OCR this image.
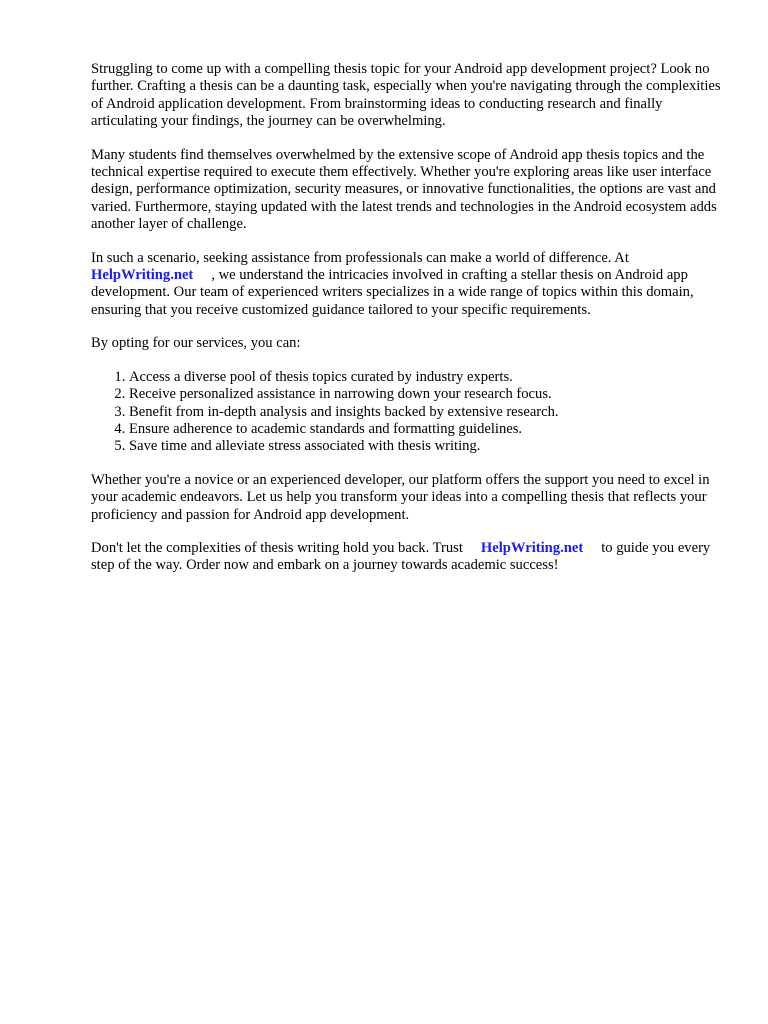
Struggling to come up with a compelling thesis topic for your Android app development project? Look no further. Crafting a thesis can be a daunting task, especially when you're navigating through the complexities of Android application development. From brainstorming ideas to conducting research and finally articulating your findings, the journey can be overwhelming.

Many students find themselves overwhelmed by the extensive scope of Android app thesis topics and the technical expertise required to execute them effectively. Whether you're exploring areas like user interface design, performance optimization, security measures, or innovative functionalities, the options are vast and varied. Furthermore, staying updated with the latest trends and technologies in the Android ecosystem adds another layer of challenge.

In such a scenario, seeking assistance from professionals can make a world of difference. At
HelpWriting.net , we understand the intricacies involved in crafting a stellar thesis on Android app development. Our team of experienced writers specializes in a wide range of topics within this domain, ensuring that you receive customized guidance tailored to your specific requirements.

By opting for our services, you can:

1. Access a diverse pool of thesis topics curated by industry experts.
2. Receive personalized assistance in narrowing down your research focus.
3. Benefit from in-depth analysis and insights backed by extensive research.
4. Ensure adherence to academic standards and formatting guidelines.
5. Save time and alleviate stress associated with thesis writing.

Whether you're a novice or an experienced developer, our platform offers the support you need to excel in your academic endeavors. Let us help you transform your ideas into a compelling thesis that reflects your proficiency and passion for Android app development.

Don't let the complexities of thesis writing hold you back. Trust HelpWriting.net to guide you every step of the way. Order now and embark on a journey towards academic success!
